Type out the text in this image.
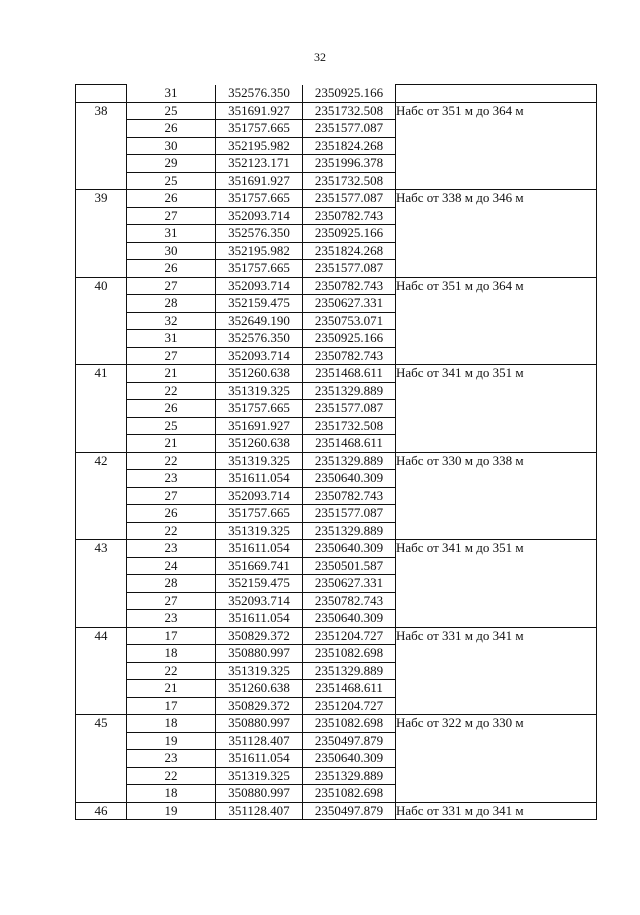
32
	31	352576.350	2350925.166	
38	25	351691.927	2351732.508	Набс от 351 м до 364 м
	26	351757.665	2351577.087	
	30	352195.982	2351824.268	
	29	352123.171	2351996.378	
	25	351691.927	2351732.508	
39	26	351757.665	2351577.087	Набс от 338 м до 346 м
	27	352093.714	2350782.743	
	31	352576.350	2350925.166	
	30	352195.982	2351824.268	
	26	351757.665	2351577.087	
40	27	352093.714	2350782.743	Набс от 351 м до 364 м
	28	352159.475	2350627.331	
	32	352649.190	2350753.071	
	31	352576.350	2350925.166	
	27	352093.714	2350782.743	
41	21	351260.638	2351468.611	Набс от 341 м до 351 м
	22	351319.325	2351329.889	
	26	351757.665	2351577.087	
	25	351691.927	2351732.508	
	21	351260.638	2351468.611	
42	22	351319.325	2351329.889	Набс от 330 м до 338 м
	23	351611.054	2350640.309	
	27	352093.714	2350782.743	
	26	351757.665	2351577.087	
	22	351319.325	2351329.889	
43	23	351611.054	2350640.309	Набс от 341 м до 351 м
	24	351669.741	2350501.587	
	28	352159.475	2350627.331	
	27	352093.714	2350782.743	
	23	351611.054	2350640.309	
44	17	350829.372	2351204.727	Набс от 331 м до 341 м
	18	350880.997	2351082.698	
	22	351319.325	2351329.889	
	21	351260.638	2351468.611	
	17	350829.372	2351204.727	
45	18	350880.997	2351082.698	Набс от 322 м до 330 м
	19	351128.407	2350497.879	
	23	351611.054	2350640.309	
	22	351319.325	2351329.889	
	18	350880.997	2351082.698	
46	19	351128.407	2350497.879	Набс от 331 м до 341 м
